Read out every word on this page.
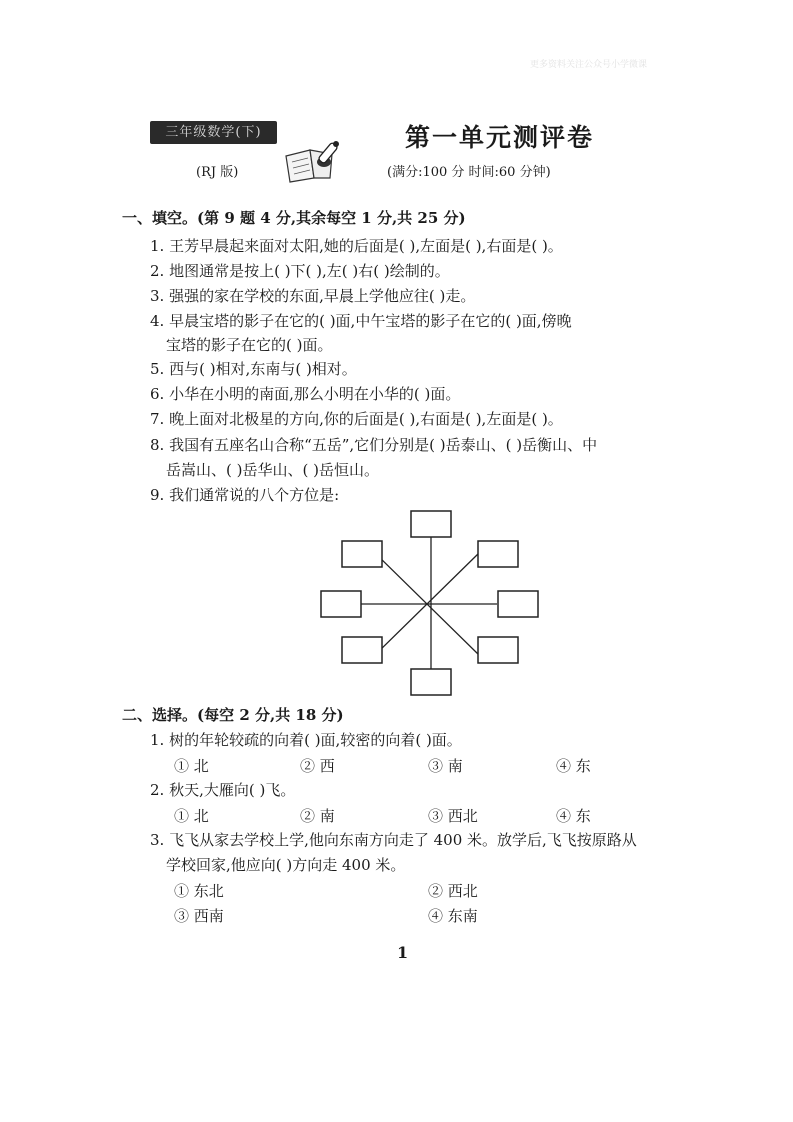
更多资料关注公众号小学微课
三年级数学(下)
(RJ 版)
第一单元测评卷
(满分:100 分 时间:60 分钟)
一、填空。(第 9 题 4 分,其余每空 1 分,共 25 分)
1. 王芳早晨起来面对太阳,她的后面是( ),左面是( ),右面是( )。
2. 地图通常是按上( )下( ),左( )右( )绘制的。
3. 强强的家在学校的东面,早晨上学他应往( )走。
4. 早晨宝塔的影子在它的( )面,中午宝塔的影子在它的( )面,傍晚
宝塔的影子在它的( )面。
5. 西与( )相对,东南与( )相对。
6. 小华在小明的南面,那么小明在小华的( )面。
7. 晚上面对北极星的方向,你的后面是( ),右面是( ),左面是( )。
8. 我国有五座名山合称“五岳”,它们分别是( )岳泰山、( )岳衡山、中
岳嵩山、( )岳华山、( )岳恒山。
9. 我们通常说的八个方位是:
二、选择。(每空 2 分,共 18 分)
1. 树的年轮较疏的向着( )面,较密的向着( )面。
① 北	② 西	③ 南	④ 东
2. 秋天,大雁向( )飞。
① 北	② 南	③ 西北	④ 东
3. 飞飞从家去学校上学,他向东南方向走了 400 米。放学后,飞飞按原路从
学校回家,他应向( )方向走 400 米。
① 东北	② 西北
③ 西南	④ 东南
1
